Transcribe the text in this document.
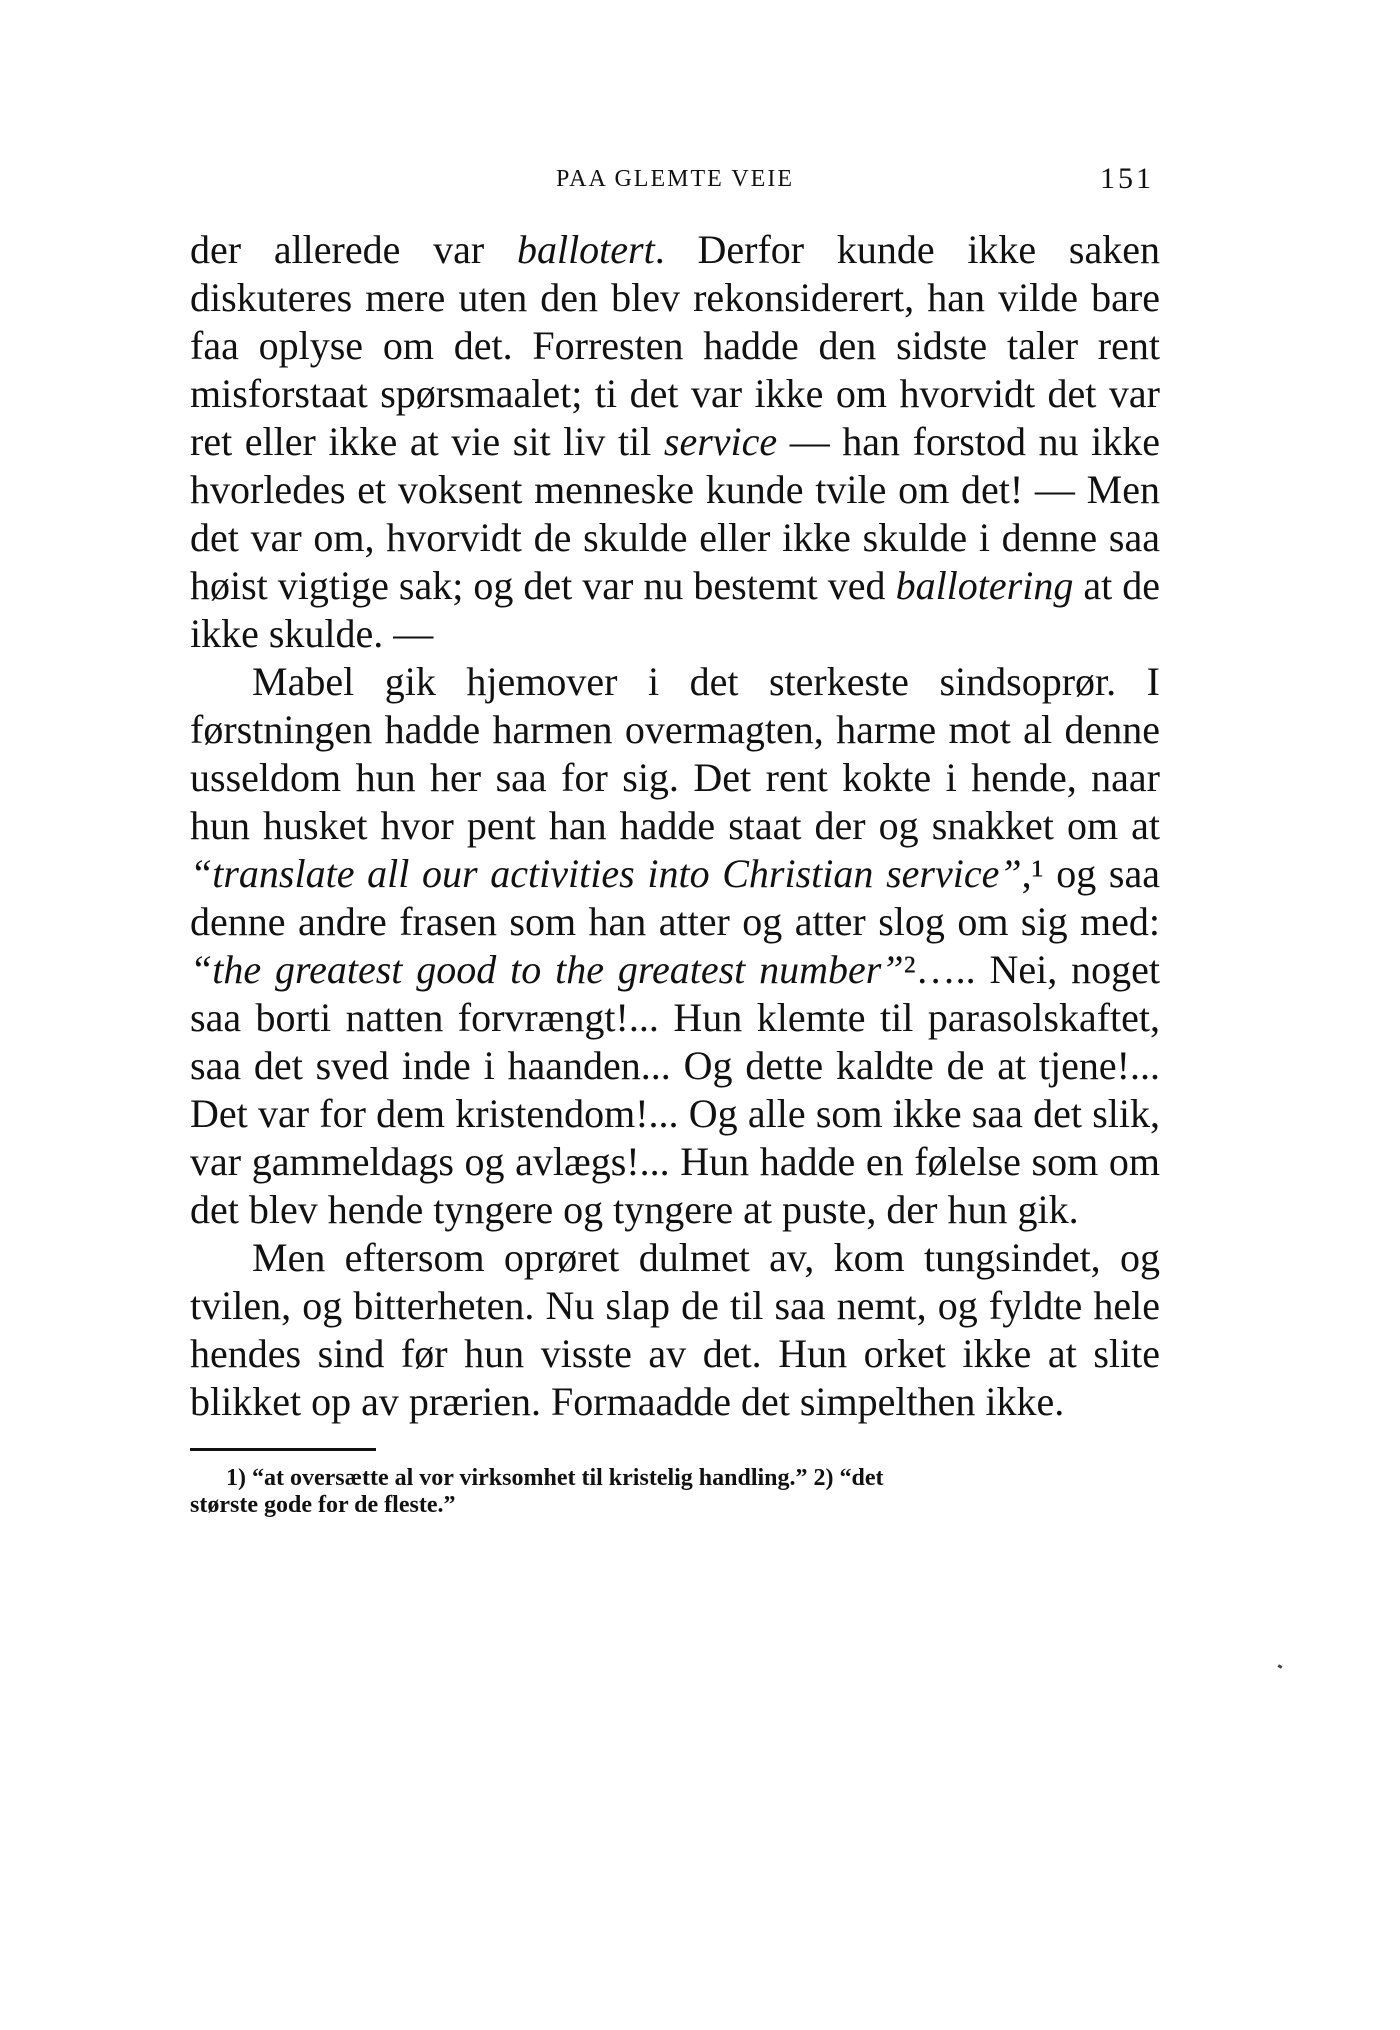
PAA GLEMTE VEIE	151

der allerede var ballotert. Derfor kunde ikke saken diskuteres mere uten den blev rekonsiderert, han vilde bare faa oplyse om det. Forresten hadde den sidste taler rent misforstaat spørsmaalet; ti det var ikke om hvorvidt det var ret eller ikke at vie sit liv til service — han forstod nu ikke hvorledes et voksent menneske kunde tvile om det! — Men det var om, hvorvidt de skulde eller ikke skulde i denne saa høist vigtige sak; og det var nu bestemt ved ballotering at de ikke skulde. —

Mabel gik hjemover i det sterkeste sindsoprør. I førstningen hadde harmen overmagten, harme mot al denne usseldom hun her saa for sig. Det rent kokte i hende, naar hun husket hvor pent han hadde staat der og snakket om at “translate all our activities into Christian service”,¹ og saa denne andre frasen som han atter og atter slog om sig med: “the greatest good to the greatest number”²….. Nei, noget saa borti natten forvrængt!... Hun klemte til parasolskaftet, saa det sved inde i haanden... Og dette kaldte de at tjene!... Det var for dem kristendom!... Og alle som ikke saa det slik, var gammeldags og avlægs!... Hun hadde en følelse som om det blev hende tyngere og tyngere at puste, der hun gik.

Men eftersom oprøret dulmet av, kom tungsindet, og tvilen, og bitterheten. Nu slap de til saa nemt, og fyldte hele hendes sind før hun visste av det. Hun orket ikke at slite blikket op av prærien. Formaadde det simpelthen ikke.

1) “at oversætte al vor virksomhet til kristelig handling.” 2) “det
største gode for de fleste.”
